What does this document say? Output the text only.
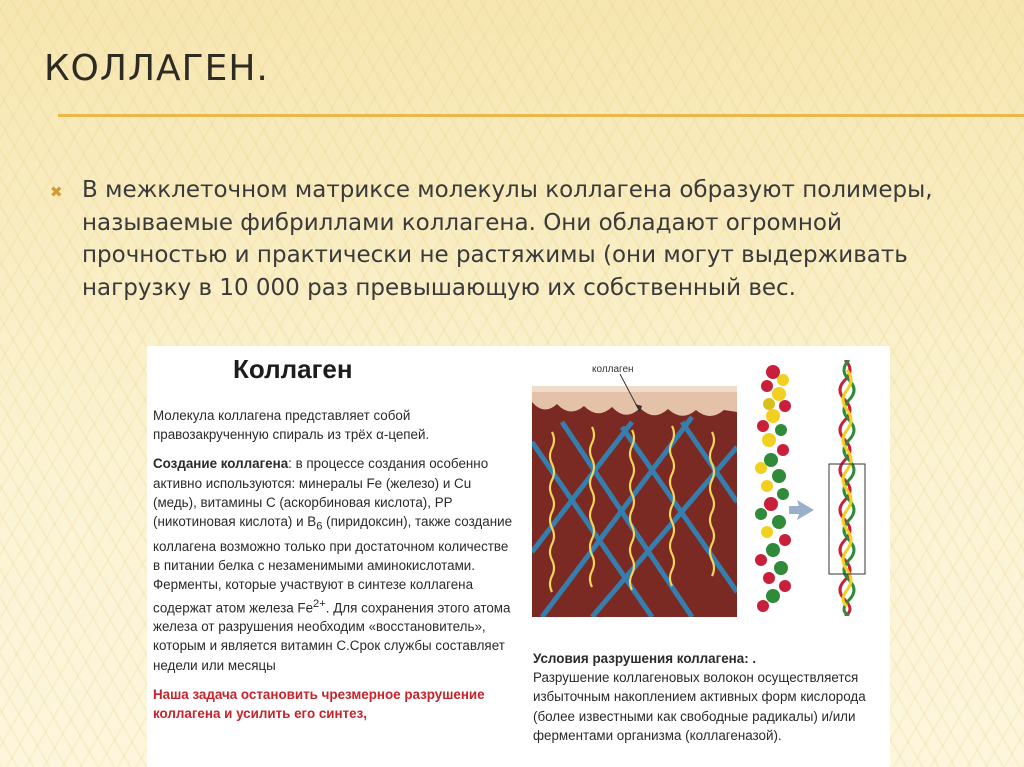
КОЛЛАГЕН.
✖ В межклеточном матриксе молекулы коллагена образуют полимеры, называемые фибриллами коллагена. Они обладают огромной прочностью и практически не растяжимы (они могут выдерживать нагрузку в 10 000 раз превышающую их собственный вес.
Коллаген

Молекула коллагена представляет собой правозакрученную спираль из трёх α-цепей.

Создание коллагена: в процессе создания особенно активно используются: минералы Fe (железо) и Cu (медь), витамины С (аскорбиновая кислота), РР (никотиновая кислота) и $В_6$ (пиридоксин), также создание коллагена возможно только при достаточном количестве в питании белка с незаменимыми аминокислотами. Ферменты, которые участвуют в синтезе коллагена содержат атом железа $Fe^{2+}$. Для сохранения этого атома железа от разрушения необходим «восстановитель», которым и является витамин С.Срок службы составляет недели или месяцы

Наша задача остановить чрезмерное разрушение коллагена и усилить его синтез,

коллаген
Условия разрушения коллагена: .
Разрушение коллагеновых волокон осуществляется избыточным накоплением активных форм кислорода (более известными как свободные радикалы) и/или ферментами организма (коллагеназой).
